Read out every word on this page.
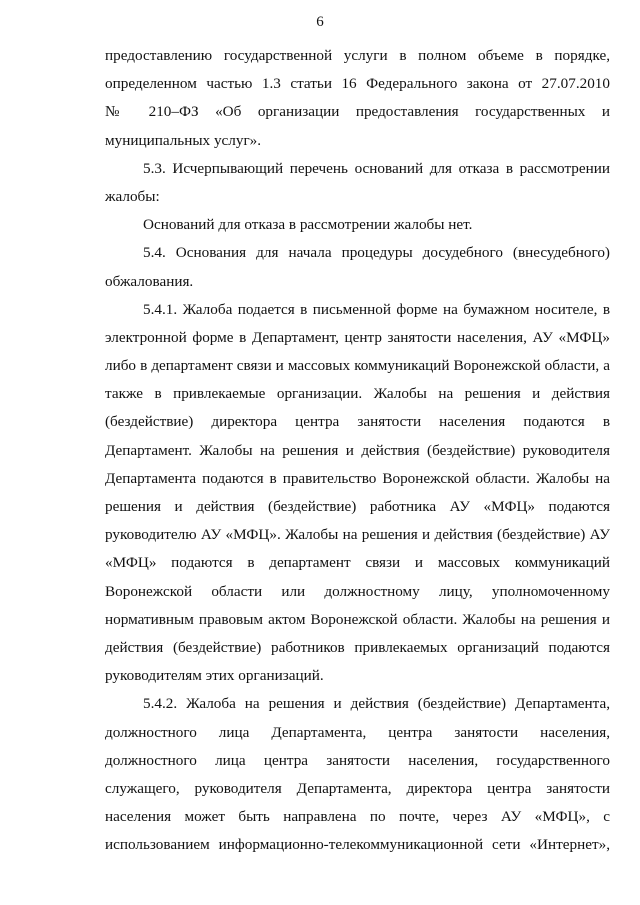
6
предоставлению государственной услуги в полном объеме в порядке,
определенном частью 1.3 статьи 16 Федерального закона от 27.07.2010
№ 210–ФЗ «Об организации предоставления государственных и
муниципальных услуг».
5.3. Исчерпывающий перечень оснований для отказа в рассмотрении
жалобы:
Оснований для отказа в рассмотрении жалобы нет.
5.4. Основания для начала процедуры досудебного (внесудебного)
обжалования.
5.4.1. Жалоба подается в письменной форме на бумажном носителе, в
электронной форме в Департамент, центр занятости населения, АУ «МФЦ»
либо в департамент связи и массовых коммуникаций Воронежской области, а
также в привлекаемые организации. Жалобы на решения и действия
(бездействие) директора центра занятости населения подаются в
Департамент. Жалобы на решения и действия (бездействие) руководителя
Департамента подаются в правительство Воронежской области. Жалобы на
решения и действия (бездействие) работника АУ «МФЦ» подаются
руководителю АУ «МФЦ». Жалобы на решения и действия (бездействие) АУ
«МФЦ» подаются в департамент связи и массовых коммуникаций
Воронежской области или должностному лицу, уполномоченному
нормативным правовым актом Воронежской области. Жалобы на решения и
действия (бездействие) работников привлекаемых организаций подаются
руководителям этих организаций.
5.4.2. Жалоба на решения и действия (бездействие) Департамента,
должностного лица Департамента, центра занятости населения,
должностного лица центра занятости населения, государственного
служащего, руководителя Департамента, директора центра занятости
населения может быть направлена по почте, через АУ «МФЦ», с
использованием информационно-телекоммуникационной сети «Интернет»,
